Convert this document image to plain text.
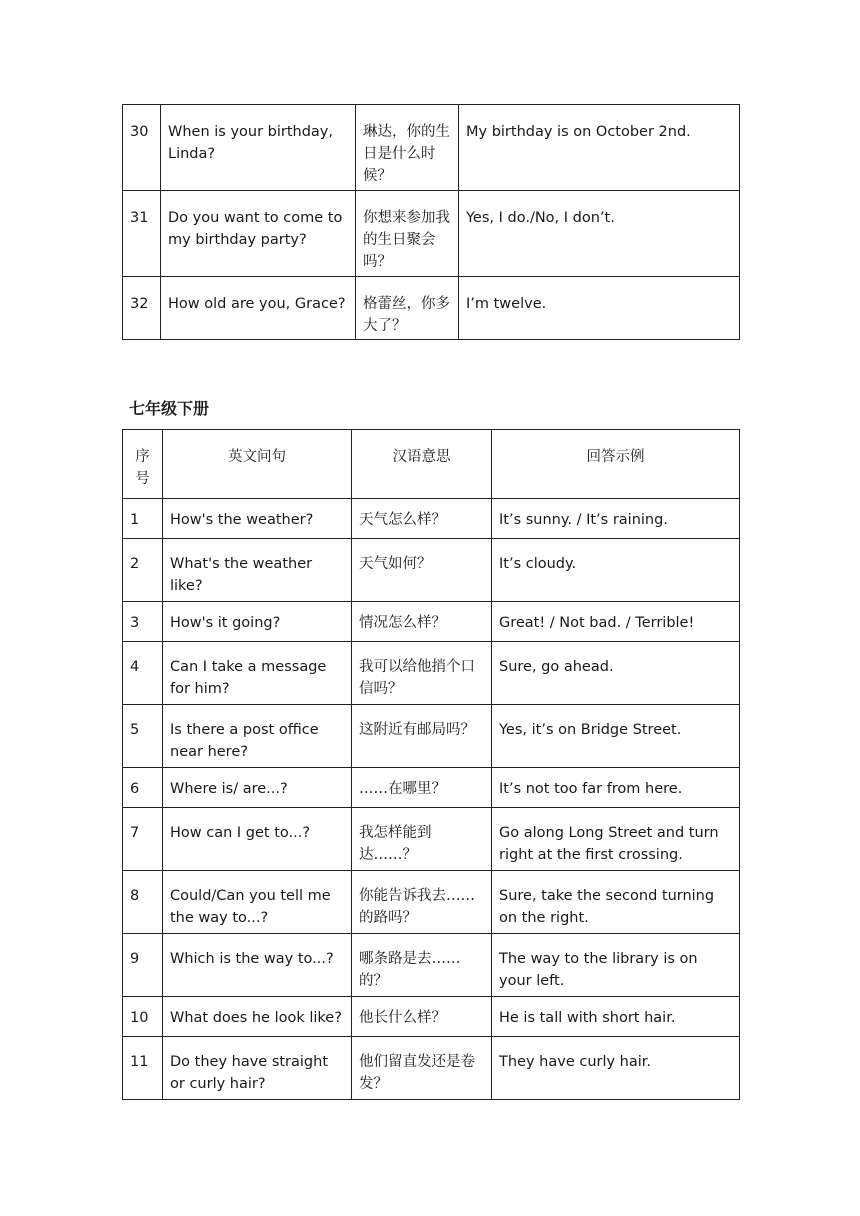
30	When is your birthday, Linda?	琳达，你的生日是什么时候？	My birthday is on October 2nd.
31	Do you want to come to my birthday party?	你想来参加我的生日聚会吗？	Yes, I do./No, I don’t.
32	How old are you, Grace?	格蕾丝，你多大了？	I’m twelve.
七年级下册
序号	英文问句	汉语意思	回答示例
1	How's the weather?	天气怎么样？	It’s sunny. / It’s raining.
2	What's the weather like?	天气如何？	It’s cloudy.
3	How's it going?	情况怎么样？	Great! / Not bad. / Terrible!
4	Can I take a message for him?	我可以给他捎个口信吗？	Sure, go ahead.
5	Is there a post office near here?	这附近有邮局吗？	Yes, it’s on Bridge Street.
6	Where is/ are...?	……在哪里？	It’s not too far from here.
7	How can I get to...?	我怎样能到达……？	Go along Long Street and turn right at the first crossing.
8	Could/Can you tell me the way to...?	你能告诉我去……的路吗？	Sure, take the second turning on the right.
9	Which is the way to...?	哪条路是去……的？	The way to the library is on your left.
10	What does he look like?	他长什么样？	He is tall with short hair.
11	Do they have straight or curly hair?	他们留直发还是卷发？	They have curly hair.
